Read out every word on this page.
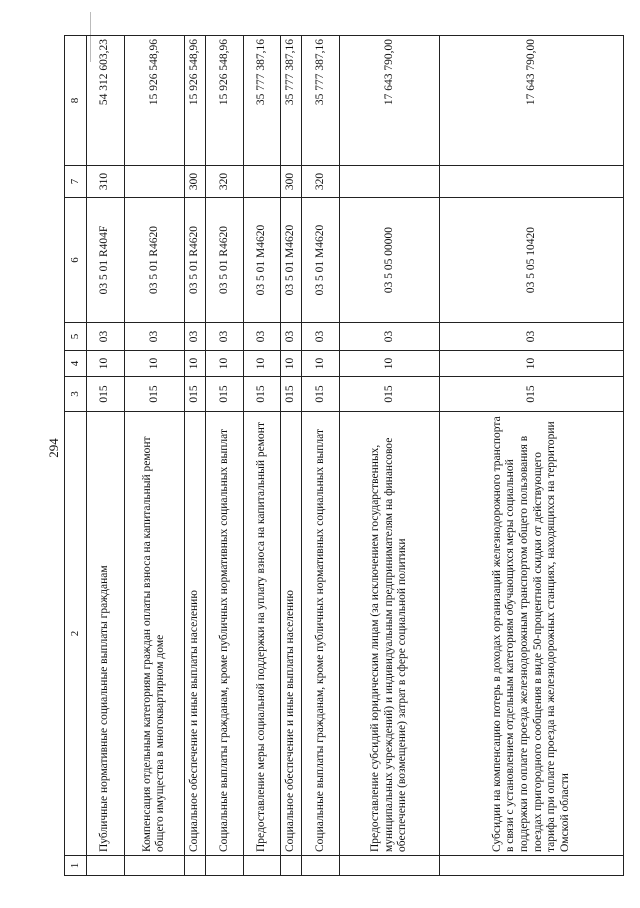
294
1	2	3	4	5	6	7	8
	Публичные нормативные социальные выплаты гражданам	015	10	03	03 5 01 R404F	310	54 312 603,23
	Компенсация отдельным категориям граждан оплаты взноса на капитальный ремонт общего имущества в многоквартирном доме	015	10	03	03 5 01 R4620		15 926 548,96
	Социальное обеспечение и иные выплаты населению	015	10	03	03 5 01 R4620	300	15 926 548,96
	Социальные выплаты гражданам, кроме публичных нормативных социальных выплат	015	10	03	03 5 01 R4620	320	15 926 548,96
	Предоставление меры социальной поддержки на уплату взноса на капитальный ремонт	015	10	03	03 5 01 M4620		35 777 387,16
	Социальное обеспечение и иные выплаты населению	015	10	03	03 5 01 M4620	300	35 777 387,16
	Социальные выплаты гражданам, кроме публичных нормативных социальных выплат	015	10	03	03 5 01 M4620	320	35 777 387,16
	Предоставление субсидий юридическим лицам (за исключением государственных, муниципальных учреждений) и индивидуальным предпринимателям на финансовое обеспечение (возмещение) затрат в сфере социальной политики	015	10	03	03 5 05 00000		17 643 790,00
	Субсидии на компенсацию потерь в доходах организаций железнодорожного транспорта в связи с установлением отдельным категориям обучающихся меры социальной поддержки по оплате проезда железнодорожным транспортом общего пользования в поездах пригородного сообщения в виде 50-процентной скидки от действующего тарифа при оплате проезда на железнодорожных станциях, находящихся на территории Омской области	015	10	03	03 5 05 10420		17 643 790,00
